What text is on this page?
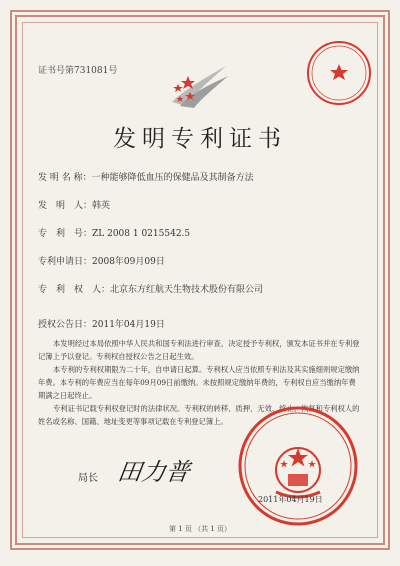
证书号第731081号
发明专利证书
发 明 名 称：一种能够降低血压的保健品及其制备方法
发　明　人：韩英
专　利　号：ZL 2008 1 0215542.5
专利申请日：2008年09月09日
专　利　权　人：北京东方红航天生物技术股份有限公司
授权公告日：2011年04月19日
本发明经过本局依照中华人民共和国专利法进行审查，决定授予专利权，颁发本证书并在专利登记簿上予以登记。专利权自授权公告之日起生效。
本专利的专利权期限为二十年，自申请日起算。专利权人应当依照专利法及其实施细则规定缴纳年费。本专利的年费应当在每年09月09日前缴纳。未按照规定缴纳年费的，专利权自应当缴纳年费期满之日起终止。
专利证书记载专利权登记时的法律状况。专利权的转移、质押、无效、终止、恢复和专利权人的姓名或名称、国籍、地址变更等事项记载在专利登记簿上。
局长 田力普
2011年04月19日
第 1 页 （共 1 页）
